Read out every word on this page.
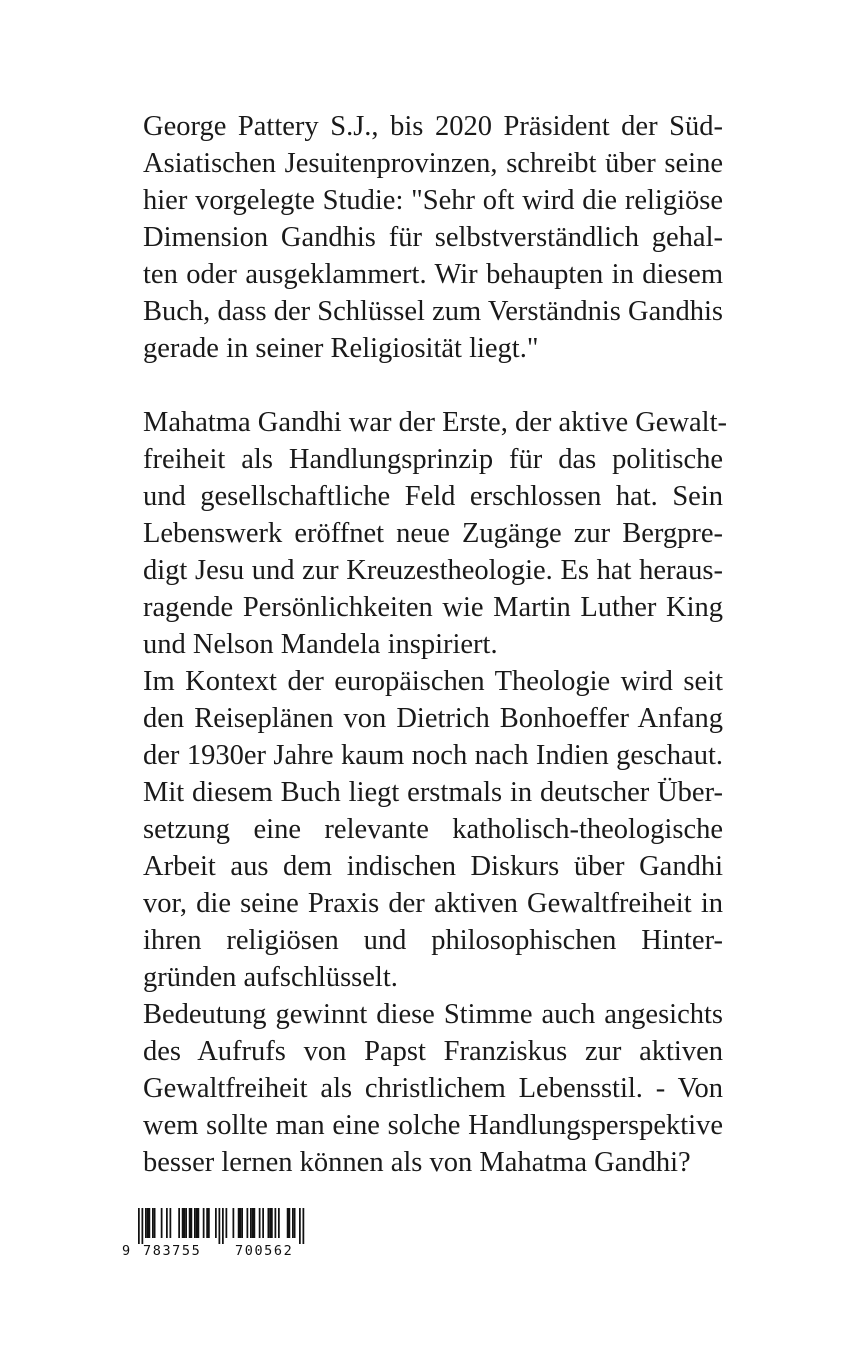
George Pattery S.J., bis 2020 Präsident der Süd-
Asiatischen Jesuitenprovinzen, schreibt über seine
hier vorgelegte Studie: "Sehr oft wird die religiöse
Dimension Gandhis für selbstverständlich gehal-
ten oder ausgeklammert. Wir behaupten in diesem
Buch, dass der Schlüssel zum Verständnis Gandhis
gerade in seiner Religiosität liegt."
Mahatma Gandhi war der Erste, der aktive Gewalt-
freiheit als Handlungsprinzip für das politische
und gesellschaftliche Feld erschlossen hat. Sein
Lebenswerk eröffnet neue Zugänge zur Bergpre-
digt Jesu und zur Kreuzestheologie. Es hat heraus-
ragende Persönlichkeiten wie Martin Luther King
und Nelson Mandela inspiriert.
Im Kontext der europäischen Theologie wird seit
den Reiseplänen von Dietrich Bonhoeffer Anfang
der 1930er Jahre kaum noch nach Indien geschaut.
Mit diesem Buch liegt erstmals in deutscher Über-
setzung eine relevante katholisch-theologische
Arbeit aus dem indischen Diskurs über Gandhi
vor, die seine Praxis der aktiven Gewaltfreiheit in
ihren religiösen und philosophischen Hinter-
gründen aufschlüsselt.
Bedeutung gewinnt diese Stimme auch angesichts
des Aufrufs von Papst Franziskus zur aktiven
Gewaltfreiheit als christlichem Lebensstil. - Von
wem sollte man eine solche Handlungsperspektive
besser lernen können als von Mahatma Gandhi?
9 783755 700562
